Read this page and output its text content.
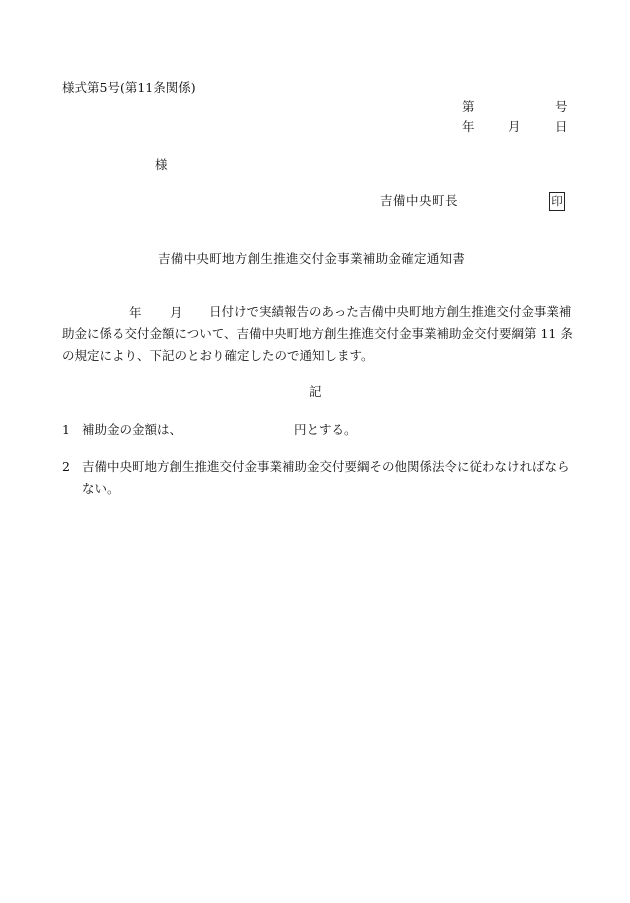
様式第5号(第11条関係)
第	号
年	月	日
様
吉備中央町長	印
吉備中央町地方創生推進交付金事業補助金確定通知書
年 月	日付けで実績報告のあった吉備中央町地方創生推進交付金事業補助金に係る交付金額について、吉備中央町地方創生推進交付金事業補助金交付要綱第 11 条の規定により、下記のとおり確定したので通知します。
記
1 補助金の金額は、	円とする。
2 吉備中央町地方創生推進交付金事業補助金交付要綱その他関係法令に従わなければならない。
